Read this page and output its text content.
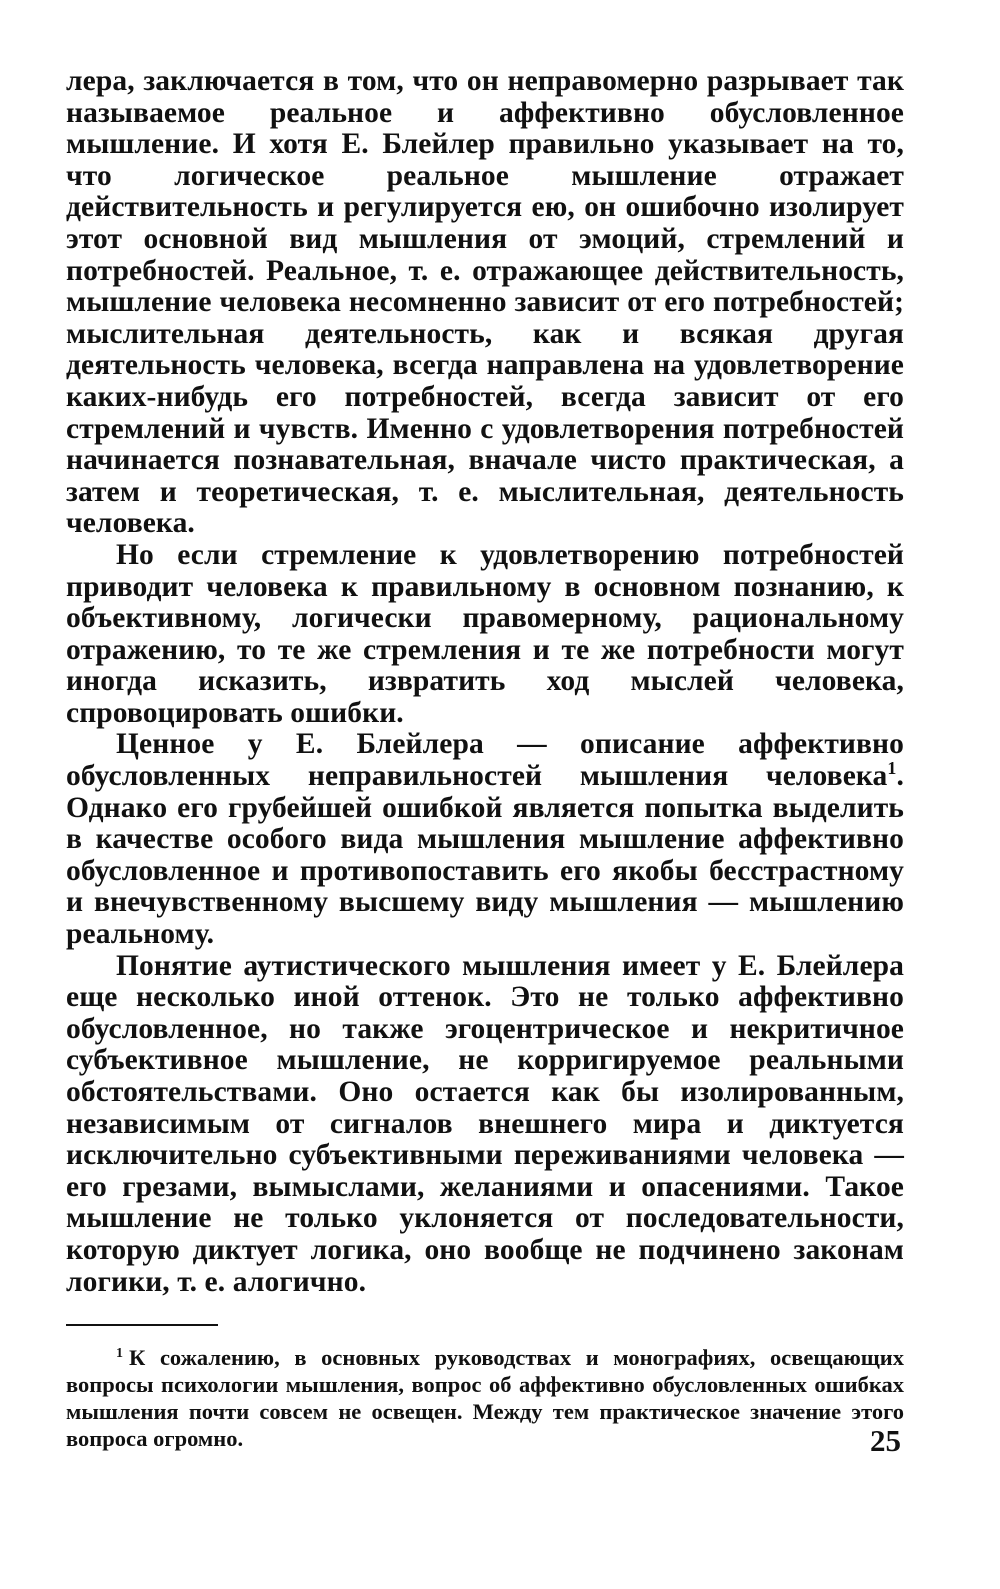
лера, заключается в том, что он неправомерно разрывает так называемое реальное и аффективно обусловленное мышление. И хотя Е. Блейлер правильно указывает на то, что логическое реальное мышление отражает действительность и регулируется ею, он ошибочно изолирует этот основной вид мышления от эмоций, стремлений и потребностей. Реальное, т. е. отражающее действительность, мышление человека несомненно зависит от его потребностей; мыслительная деятельность, как и всякая другая деятельность человека, всегда направлена на удовлетворение каких-нибудь его потребностей, всегда зависит от его стремлений и чувств. Именно с удовлетворения потребностей начинается познавательная, вначале чисто практическая, а затем и теоретическая, т. е. мыслительная, деятельность человека.

Но если стремление к удовлетворению потребностей приводит человека к правильному в основном познанию, к объективному, логически правомерному, рациональному отражению, то те же стремления и те же потребности могут иногда исказить, извратить ход мыслей человека, спровоцировать ошибки.

Ценное у Е. Блейлера — описание аффективно обусловленных неправильностей мышления человека$^1$. Однако его грубейшей ошибкой является попытка выделить в качестве особого вида мышления мышление аффективно обусловленное и противопоставить его якобы бесстрастному и внечувственному высшему виду мышления — мышлению реальному.

Понятие аутистического мышления имеет у Е. Блейлера еще несколько иной оттенок. Это не только аффективно обусловленное, но также эгоцентрическое и некритичное субъективное мышление, не корригируемое реальными обстоятельствами. Оно остается как бы изолированным, независимым от сигналов внешнего мира и диктуется исключительно субъективными переживаниями человека — его грезами, вымыслами, желаниями и опасениями. Такое мышление не только уклоняется от последовательности, которую диктует логика, оно вообще не подчинено законам логики, т. е. алогично.

$^1$ К сожалению, в основных руководствах и монографиях, освещающих вопросы психологии мышления, вопрос об аффективно обусловленных ошибках мышления почти совсем не освещен. Между тем практическое значение этого вопроса огромно.	25
